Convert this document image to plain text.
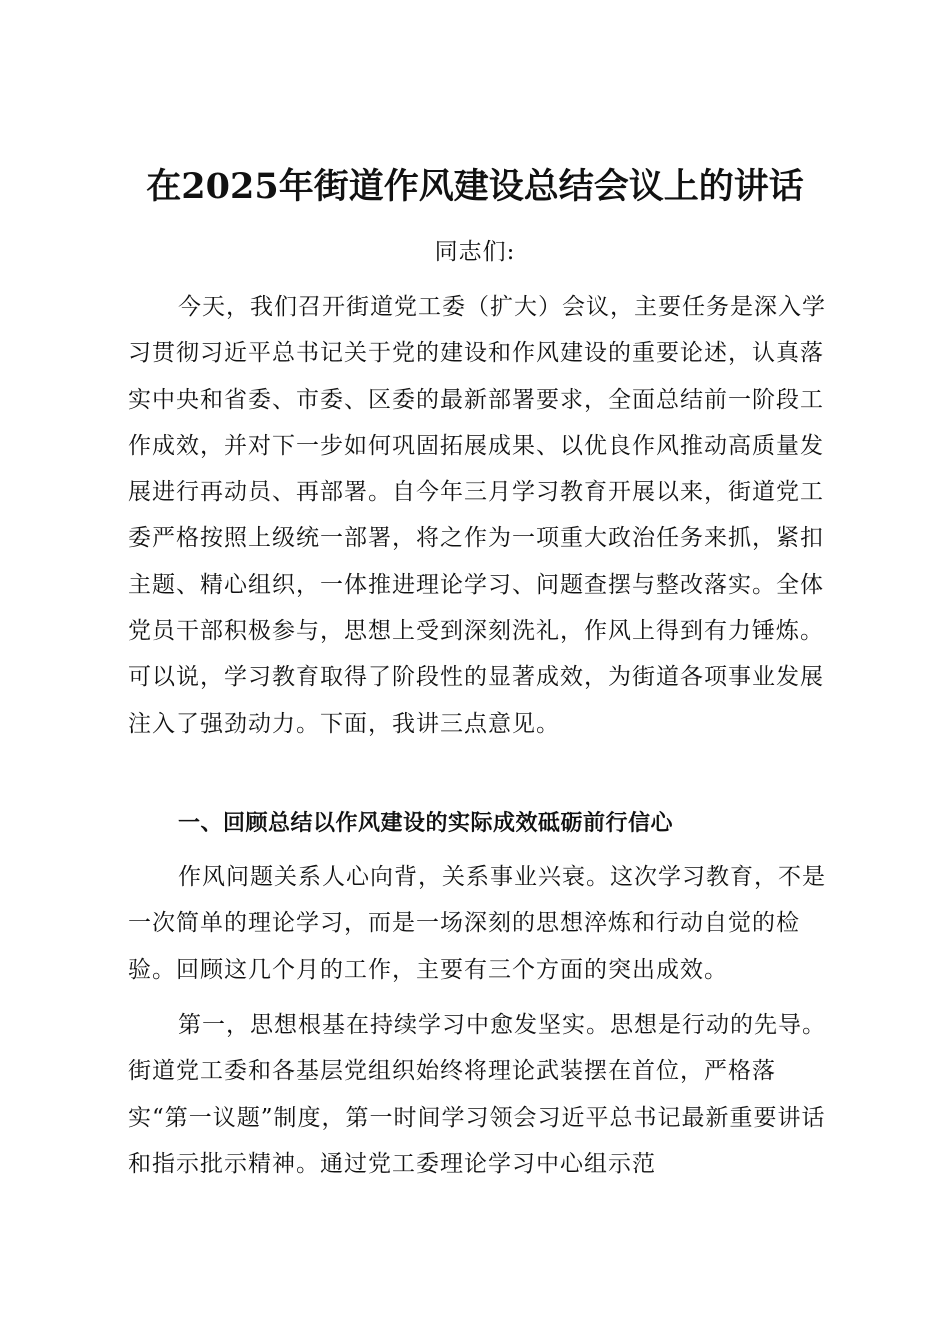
在2025年街道作风建设总结会议上的讲话
同志们:

今天，我们召开街道党工委（扩大）会议，主要任务是深入学习贯彻习近平总书记关于党的建设和作风建设的重要论述，认真落实中央和省委、市委、区委的最新部署要求，全面总结前一阶段工作成效，并对下一步如何巩固拓展成果、以优良作风推动高质量发展进行再动员、再部署。自今年三月学习教育开展以来，街道党工委严格按照上级统一部署，将之作为一项重大政治任务来抓，紧扣主题、精心组织，一体推进理论学习、问题查摆与整改落实。全体党员干部积极参与，思想上受到深刻洗礼，作风上得到有力锤炼。可以说，学习教育取得了阶段性的显著成效，为街道各项事业发展注入了强劲动力。下面，我讲三点意见。

一、回顾总结以作风建设的实际成效砥砺前行信心

作风问题关系人心向背，关系事业兴衰。这次学习教育，不是一次简单的理论学习，而是一场深刻的思想淬炼和行动自觉的检验。回顾这几个月的工作，主要有三个方面的突出成效。

第一，思想根基在持续学习中愈发坚实。思想是行动的先导。街道党工委和各基层党组织始终将理论武装摆在首位，严格落实“第一议题”制度，第一时间学习领会习近平总书记最新重要讲话和指示批示精神。通过党工委理论学习中心组示范
